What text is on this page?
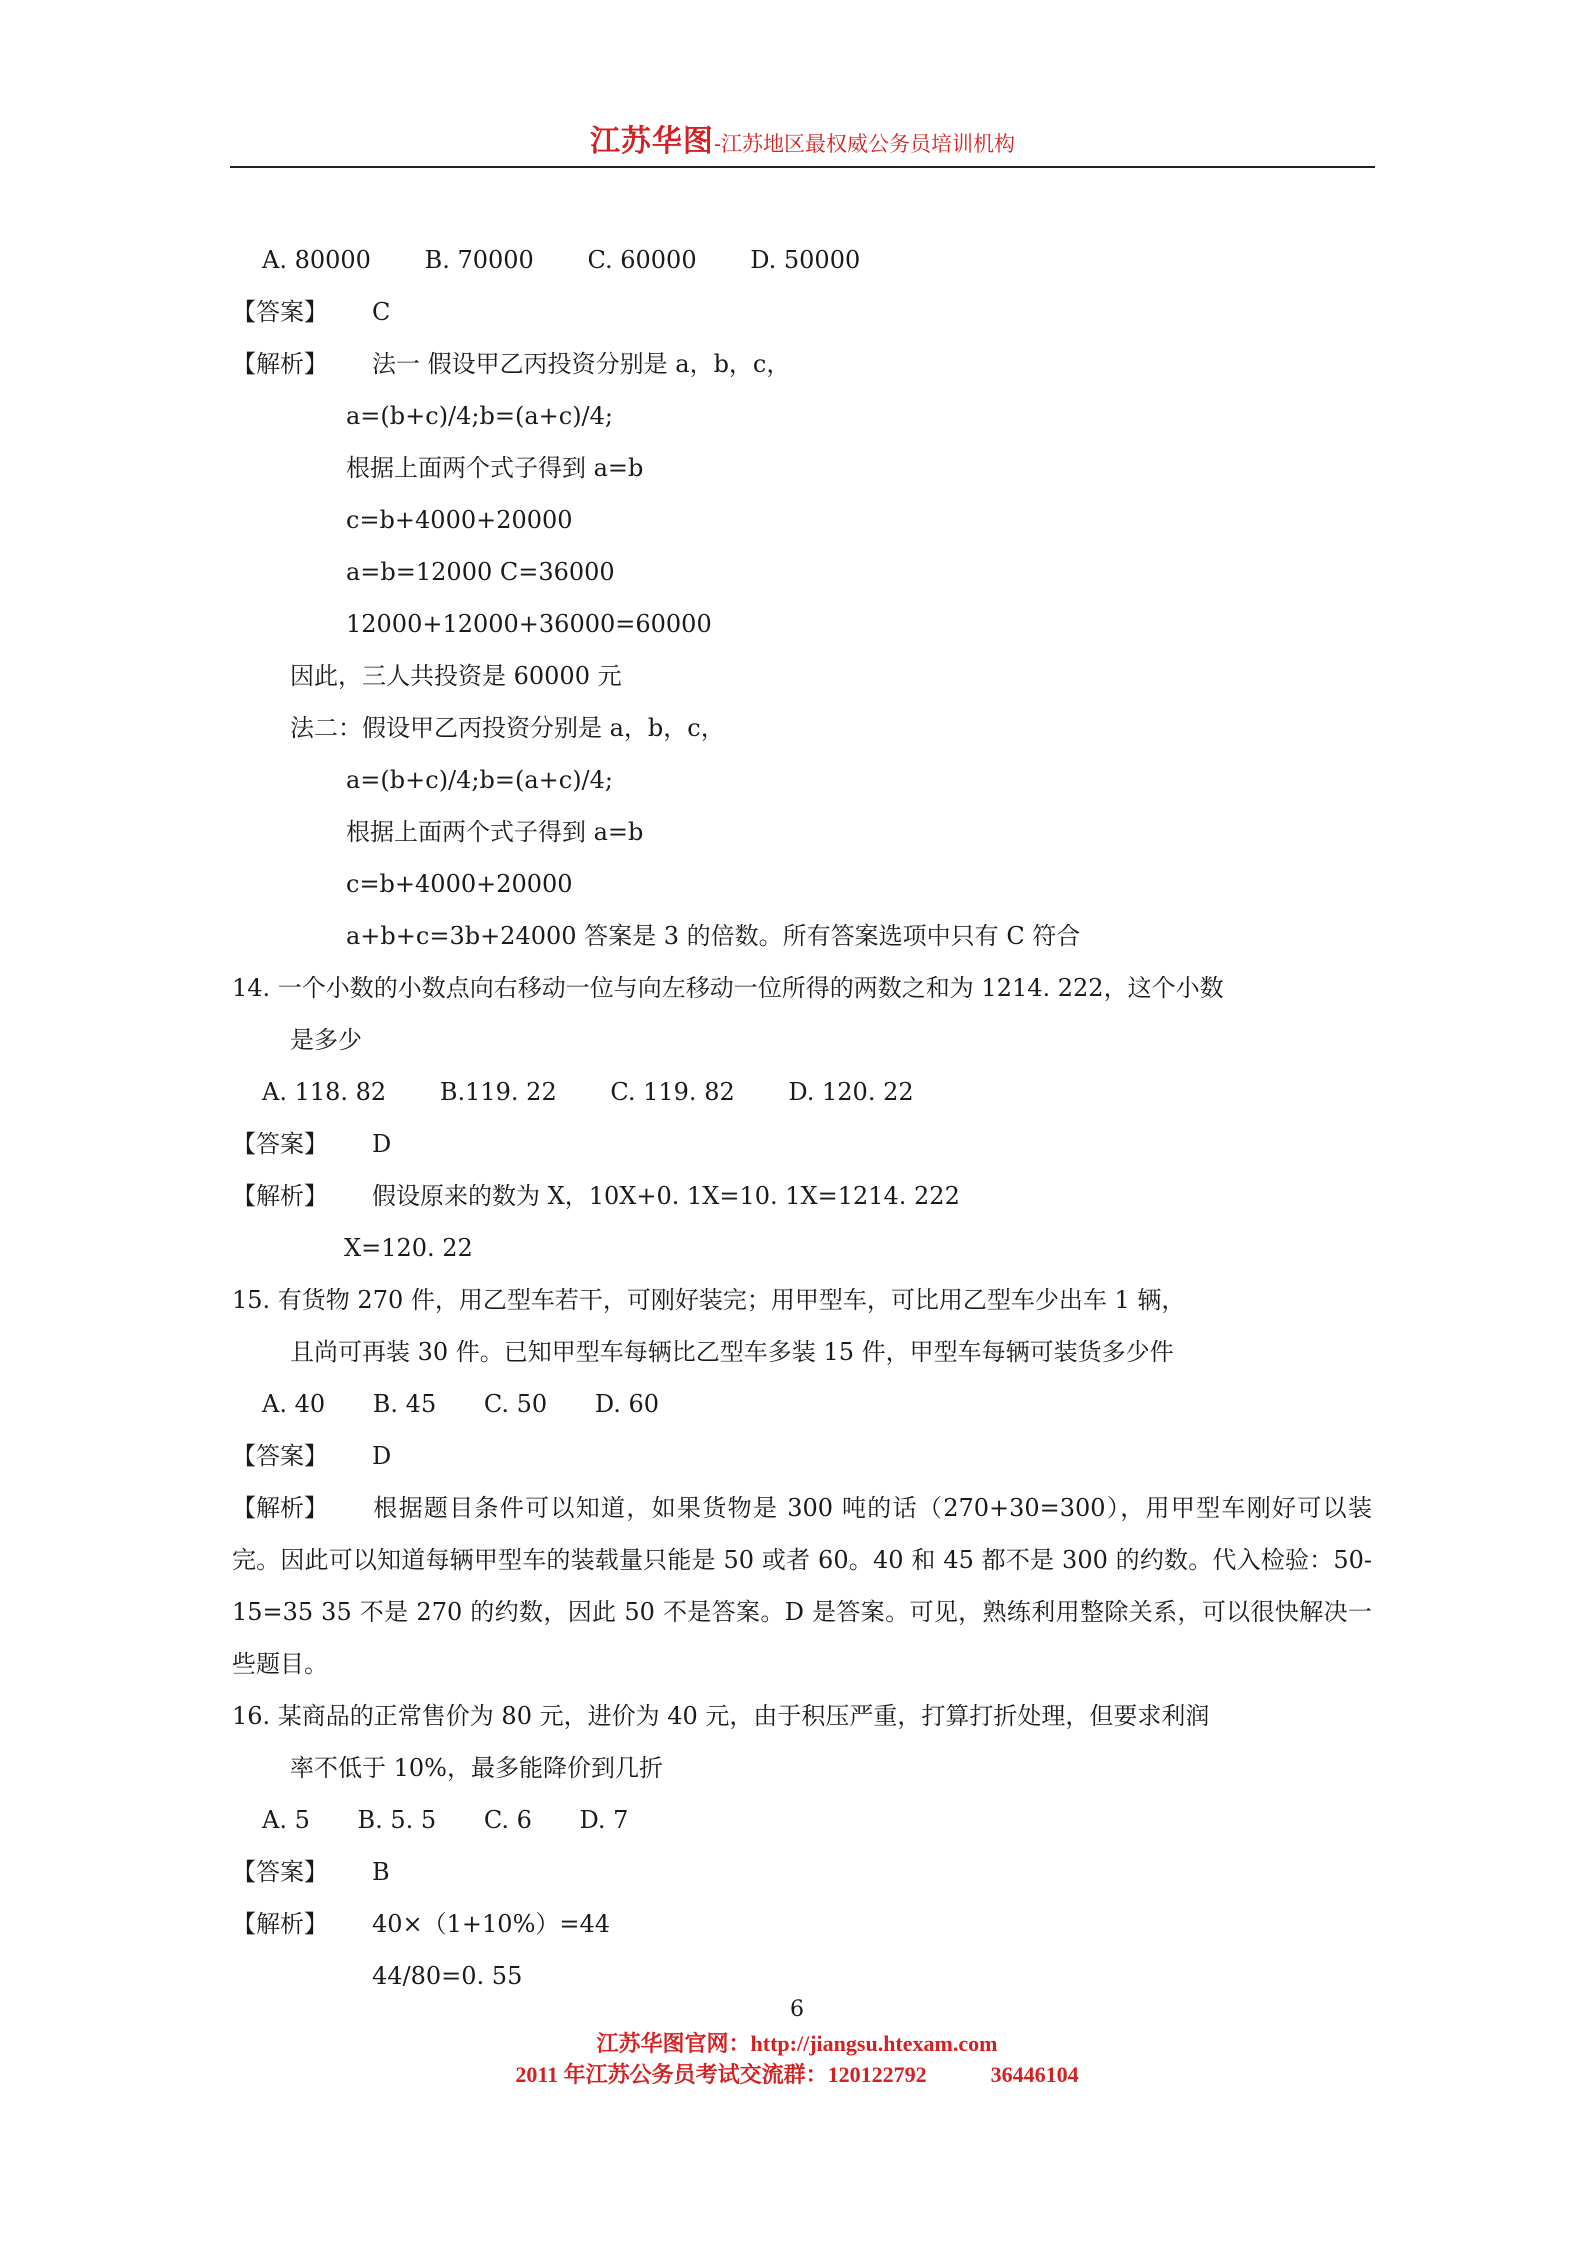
江苏华图-江苏地区最权威公务员培训机构
A. 80000 B. 70000 C. 60000 D. 50000
【答案】 C
【解析】 法一 假设甲乙丙投资分别是 a，b，c，
a=(b+c)/4;b=(a+c)/4;
根据上面两个式子得到 a=b
c=b+4000+20000
a=b=12000 C=36000
12000+12000+36000=60000
因此，三人共投资是 60000 元
法二：假设甲乙丙投资分别是 a，b，c，
a=(b+c)/4;b=(a+c)/4;
根据上面两个式子得到 a=b
c=b+4000+20000
a+b+c=3b+24000 答案是 3 的倍数。所有答案选项中只有 C 符合
14. 一个小数的小数点向右移动一位与向左移动一位所得的两数之和为 1214. 222，这个小数
是多少
A. 118. 82 B.119. 22 C. 119. 82 D. 120. 22
【答案】 D
【解析】 假设原来的数为 X，10X+0. 1X=10. 1X=1214. 222
X=120. 22
15. 有货物 270 件，用乙型车若干，可刚好装完；用甲型车，可比用乙型车少出车 1 辆，
且尚可再装 30 件。已知甲型车每辆比乙型车多装 15 件，甲型车每辆可装货多少件
A. 40 B. 45 C. 50 D. 60
【答案】 D
【解析】 根据题目条件可以知道，如果货物是 300 吨的话（270+30=300），用甲型车刚好可以装完。因此可以知道每辆甲型车的装载量只能是 50 或者 60。40 和 45 都不是 300 的约数。代入检验：50-15=35 35 不是 270 的约数，因此 50 不是答案。D 是答案。可见，熟练利用整除关系，可以很快解决一些题目。
16. 某商品的正常售价为 80 元，进价为 40 元，由于积压严重，打算打折处理，但要求利润
率不低于 10%，最多能降价到几折
A. 5 B. 5. 5 C. 6 D. 7
【答案】 B
【解析】 40×（1+10%）=44
44/80=0. 55
6
江苏华图官网：http://jiangsu.htexam.com
2011 年江苏公务员考试交流群：120122792	36446104
